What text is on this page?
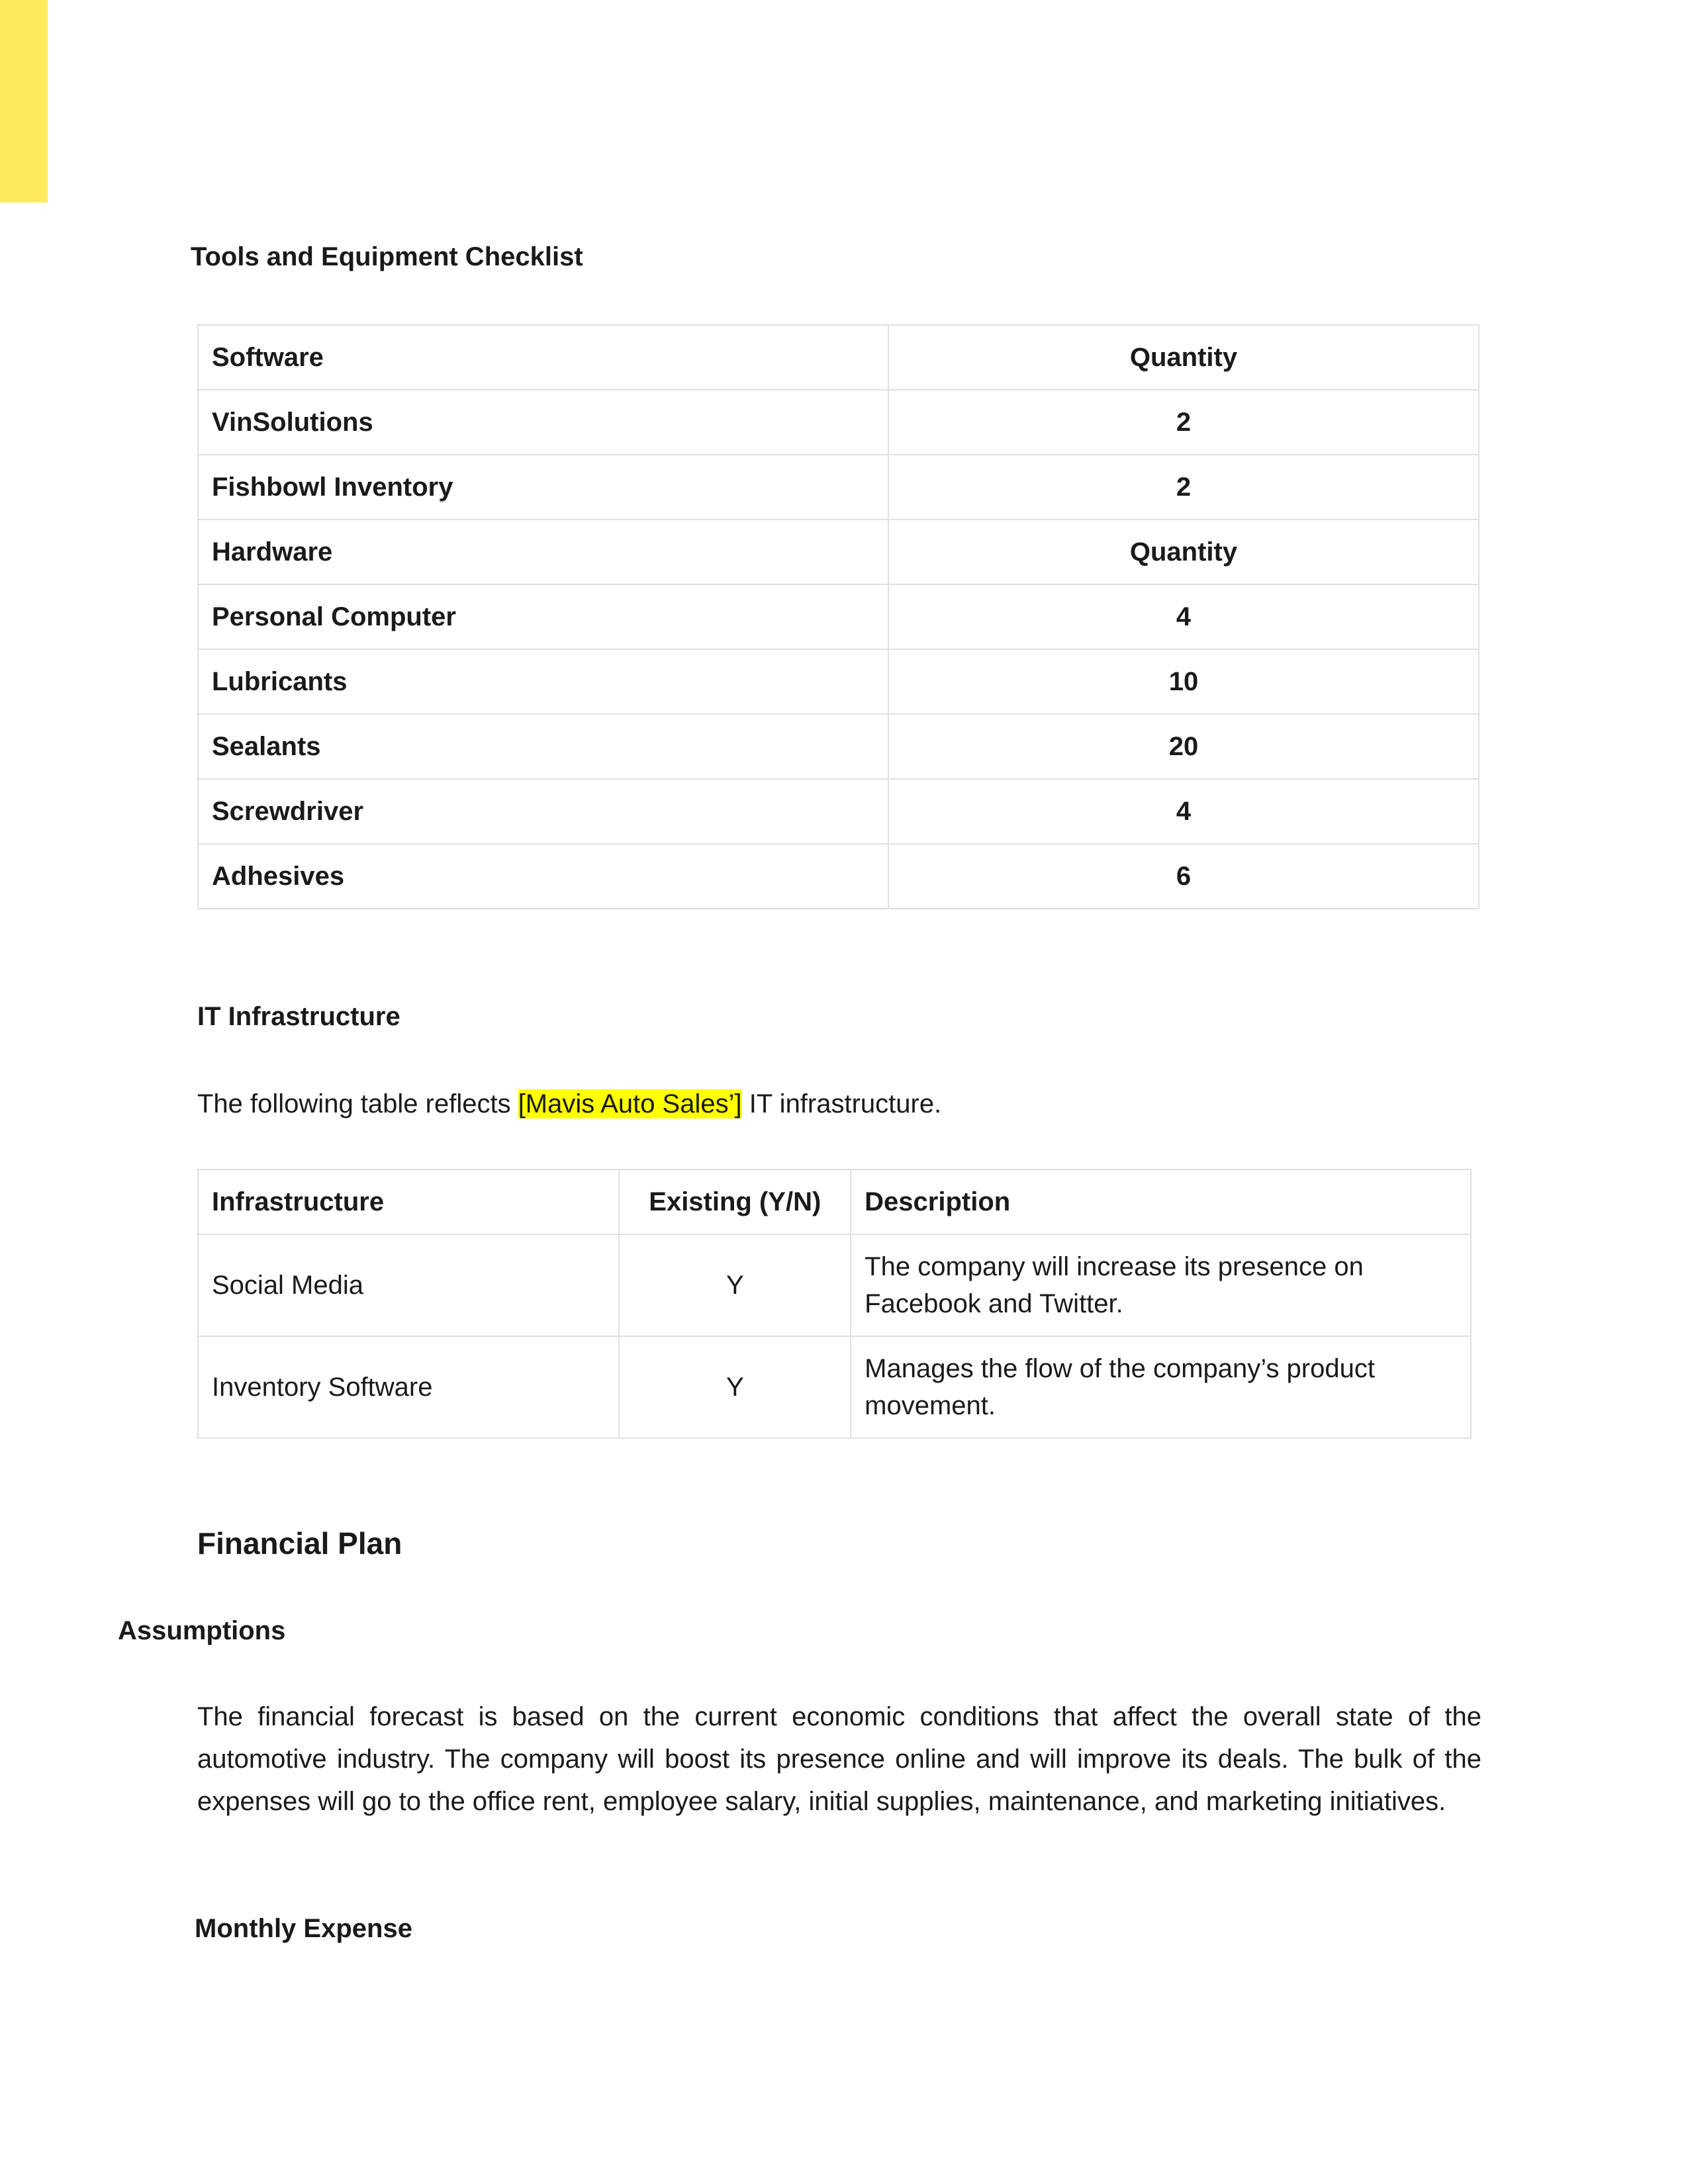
Tools and Equipment Checklist
Software	Quantity
VinSolutions	2
Fishbowl Inventory	2
Hardware	Quantity
Personal Computer	4
Lubricants	10
Sealants	20
Screwdriver	4
Adhesives	6
IT Infrastructure

The following table reflects [Mavis Auto Sales’] IT infrastructure.

Infrastructure	Existing (Y/N)	Description
Social Media	Y	The company will increase its presence on Facebook and Twitter.
Inventory Software	Y	Manages the flow of the company’s product movement.
Financial Plan
Assumptions

The financial forecast is based on the current economic conditions that affect the overall state of the automotive industry. The company will boost its presence online and will improve its deals. The bulk of the expenses will go to the office rent, employee salary, initial supplies, maintenance, and marketing initiatives.

Monthly Expense
